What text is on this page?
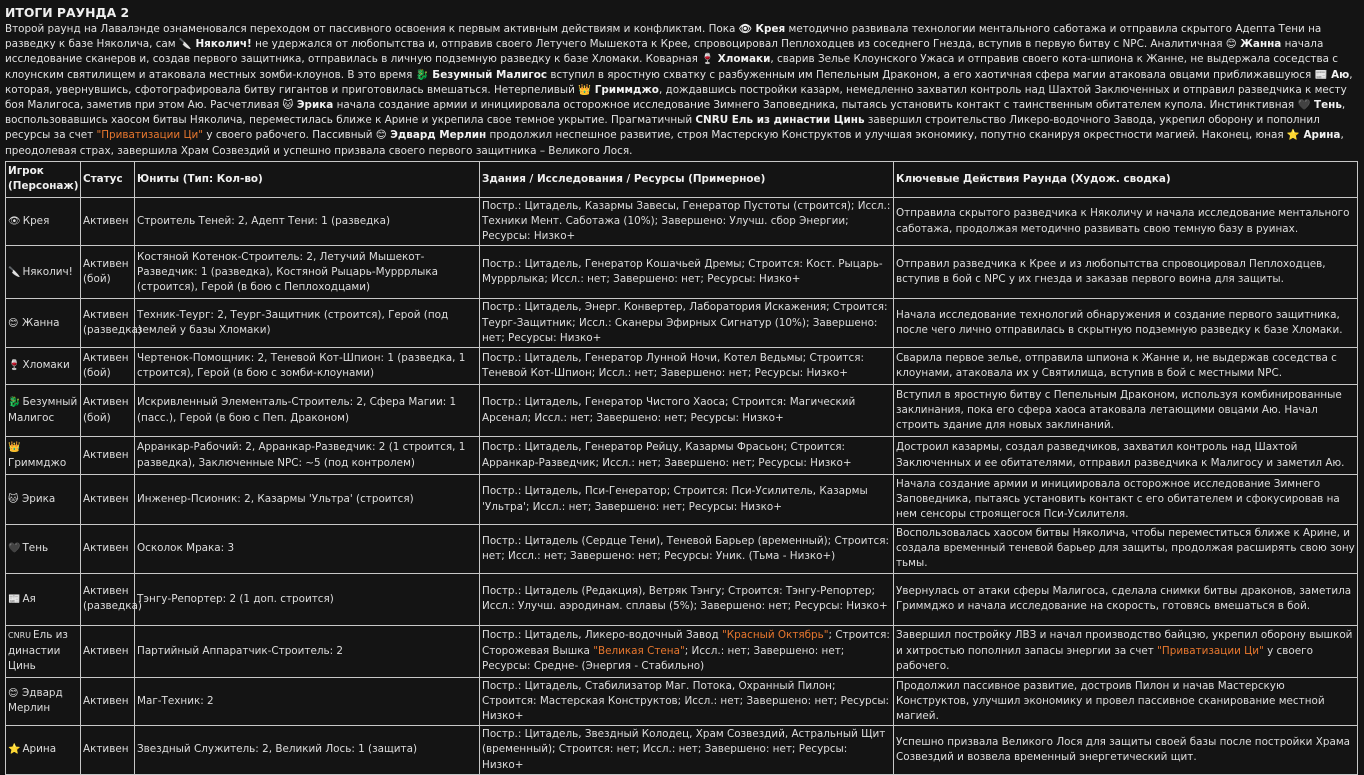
ИТОГИ РАУНДА 2
Второй раунд на Лавалэнде ознаменовался переходом от пассивного освоения к первым активным действиям и конфликтам. Пока 👁 Крея методично развивала технологии ментального саботажа и отправила скрытого Адепта Тени на разведку к базе Няколича, сам 🔪 Няколич! не удержался от любопытства и, отправив своего Летучего Мышекота к Крее, спровоцировал Пеплоходцев из соседнего Гнезда, вступив в первую битву с NPC. Аналитичная 😊 Жанна начала исследование сканеров и, создав первого защитника, отправилась в личную подземную разведку к базе Хломаки. Коварная 🍷 Хломаки, сварив Зелье Клоунского Ужаса и отправив своего кота-шпиона к Жанне, не выдержала соседства с клоунским святилищем и атаковала местных зомби-клоунов. В это время 🐉 Безумный Малигос вступил в яростную схватку с разбуженным им Пепельным Драконом, а его хаотичная сфера магии атаковала овцами приближавшуюся 📰 Аю, которая, увернувшись, сфотографировала битву гигантов и приготовилась вмешаться. Нетерпеливый 👑 Гриммджо, дождавшись постройки казарм, немедленно захватил контроль над Шахтой Заключенных и отправил разведчика к месту боя Малигоса, заметив при этом Аю. Расчетливая 🐱 Эрика начала создание армии и инициировала осторожное исследование Зимнего Заповедника, пытаясь установить контакт с таинственным обитателем купола. Инстинктивная 🖤 Тень, воспользовавшись хаосом битвы Няколича, переместилась ближе к Арине и укрепила свое темное укрытие. Прагматичный CNRU Ель из династии Цинь завершил строительство Ликеро-водочного Завода, укрепил оборону и пополнил ресурсы за счет "Приватизации Ци" у своего рабочего. Пассивный 😊 Эдвард Мерлин продолжил неспешное развитие, строя Мастерскую Конструктов и улучшая экономику, попутно сканируя окрестности магией. Наконец, юная ⭐ Арина, преодолевая страх, завершила Храм Созвездий и успешно призвала своего первого защитника – Великого Лося.
Игрок (Персонаж)	Статус	Юниты (Тип: Кол-во)	Здания / Исследования / Ресурсы (Примерное)	Ключевые Действия Раунда (Худож. сводка)
👁 Крея	Активен	Строитель Теней: 2, Адепт Тени: 1 (разведка)	Постр.: Цитадель, Казармы Завесы, Генератор Пустоты (строится); Иссл.: Техники Мент. Саботажа (10%); Завершено: Улучш. сбор Энергии; Ресурсы: Низко+	Отправила скрытого разведчика к Няколичу и начала исследование ментального саботажа, продолжая методично развивать свою темную базу в руинах.
🔪 Няколич!	Активен (бой)	Костяной Котенок-Строитель: 2, Летучий Мышекот-Разведчик: 1 (разведка), Костяной Рыцарь-Мурррлыка (строится), Герой (в бою с Пеплоходцами)	Постр.: Цитадель, Генератор Кошачьей Дремы; Строится: Кост. Рыцарь-Мурррлыка; Иссл.: нет; Завершено: нет; Ресурсы: Низко+	Отправил разведчика к Крее и из любопытства спровоцировал Пеплоходцев, вступив в бой с NPC у их гнезда и заказав первого воина для защиты.
😊 Жанна	Активен (разведка)	Техник-Теург: 2, Теург-Защитник (строится), Герой (под землей у базы Хломаки)	Постр.: Цитадель, Энерг. Конвертер, Лаборатория Искажения; Строится: Теург-Защитник; Иссл.: Сканеры Эфирных Сигнатур (10%); Завершено: нет; Ресурсы: Низко+	Начала исследование технологий обнаружения и создание первого защитника, после чего лично отправилась в скрытную подземную разведку к базе Хломаки.
🍷 Хломаки	Активен (бой)	Чертенок-Помощник: 2, Теневой Кот-Шпион: 1 (разведка, 1 строится), Герой (в бою с зомби-клоунами)	Постр.: Цитадель, Генератор Лунной Ночи, Котел Ведьмы; Строится: Теневой Кот-Шпион; Иссл.: нет; Завершено: нет; Ресурсы: Низко+	Сварила первое зелье, отправила шпиона к Жанне и, не выдержав соседства с клоунами, атаковала их у Святилища, вступив в бой с местными NPC.
🐉 Безумный Малигос	Активен (бой)	Искривленный Элементаль-Строитель: 2, Сфера Магии: 1 (пасс.), Герой (в бою с Пеп. Драконом)	Постр.: Цитадель, Генератор Чистого Хаоса; Строится: Магический Арсенал; Иссл.: нет; Завершено: нет; Ресурсы: Низко+	Вступил в яростную битву с Пепельным Драконом, используя комбинированные заклинания, пока его сфера хаоса атаковала летающими овцами Аю. Начал строить здание для новых заклинаний.
👑Гриммджо	Активен	Арранкар-Рабочий: 2, Арранкар-Разведчик: 2 (1 строится, 1 разведка), Заключенные NPC: ~5 (под контролем)	Постр.: Цитадель, Генератор Рейцу, Казармы Фрасьон; Строится: Арранкар-Разведчик; Иссл.: нет; Завершено: нет; Ресурсы: Низко+	Достроил казармы, создал разведчиков, захватил контроль над Шахтой Заключенных и ее обитателями, отправил разведчика к Малигосу и заметил Аю.
🐱 Эрика	Активен	Инженер-Псионик: 2, Казармы 'Ультра' (строится)	Постр.: Цитадель, Пси-Генератор; Строится: Пси-Усилитель, Казармы 'Ультра'; Иссл.: нет; Завершено: нет; Ресурсы: Низко+	Начала создание армии и инициировала осторожное исследование Зимнего Заповедника, пытаясь установить контакт с его обитателем и сфокусировав на нем сенсоры строящегося Пси-Усилителя.
🖤 Тень	Активен	Осколок Мрака: 3	Постр.: Цитадель (Сердце Тени), Теневой Барьер (временный); Строится: нет; Иссл.: нет; Завершено: нет; Ресурсы: Уник. (Тьма - Низко+)	Воспользовалась хаосом битвы Няколича, чтобы переместиться ближе к Арине, и создала временный теневой барьер для защиты, продолжая расширять свою зону тьмы.
📰 Ая	Активен (разведка)	Тэнгу-Репортер: 2 (1 доп. строится)	Постр.: Цитадель (Редакция), Ветряк Тэнгу; Строится: Тэнгу-Репортер; Иссл.: Улучш. аэродинам. сплавы (5%); Завершено: нет; Ресурсы: Низко+	Увернулась от атаки сферы Малигоса, сделала снимки битвы драконов, заметила Гриммджо и начала исследование на скорость, готовясь вмешаться в бой.
CNRU Ель из династии Цинь	Активен	Партийный Аппаратчик-Строитель: 2	Постр.: Цитадель, Ликеро-водочный Завод "Красный Октябрь"; Строится: Сторожевая Вышка "Великая Стена"; Иссл.: нет; Завершено: нет; Ресурсы: Средне- (Энергия - Стабильно)	Завершил постройку ЛВЗ и начал производство байцзю, укрепил оборону вышкой и хитростью пополнил запасы энергии за счет "Приватизации Ци" у своего рабочего.
😊 Эдвард Мерлин	Активен	Маг-Техник: 2	Постр.: Цитадель, Стабилизатор Маг. Потока, Охранный Пилон; Строится: Мастерская Конструктов; Иссл.: нет; Завершено: нет; Ресурсы: Низко+	Продолжил пассивное развитие, достроив Пилон и начав Мастерскую Конструктов, улучшил экономику и провел пассивное сканирование местной магией.
⭐ Арина	Активен	Звездный Служитель: 2, Великий Лось: 1 (защита)	Постр.: Цитадель, Звездный Колодец, Храм Созвездий, Астральный Щит (временный); Строится: нет; Иссл.: нет; Завершено: нет; Ресурсы: Низко+	Успешно призвала Великого Лося для защиты своей базы после постройки Храма Созвездий и возвела временный энергетический щит.
